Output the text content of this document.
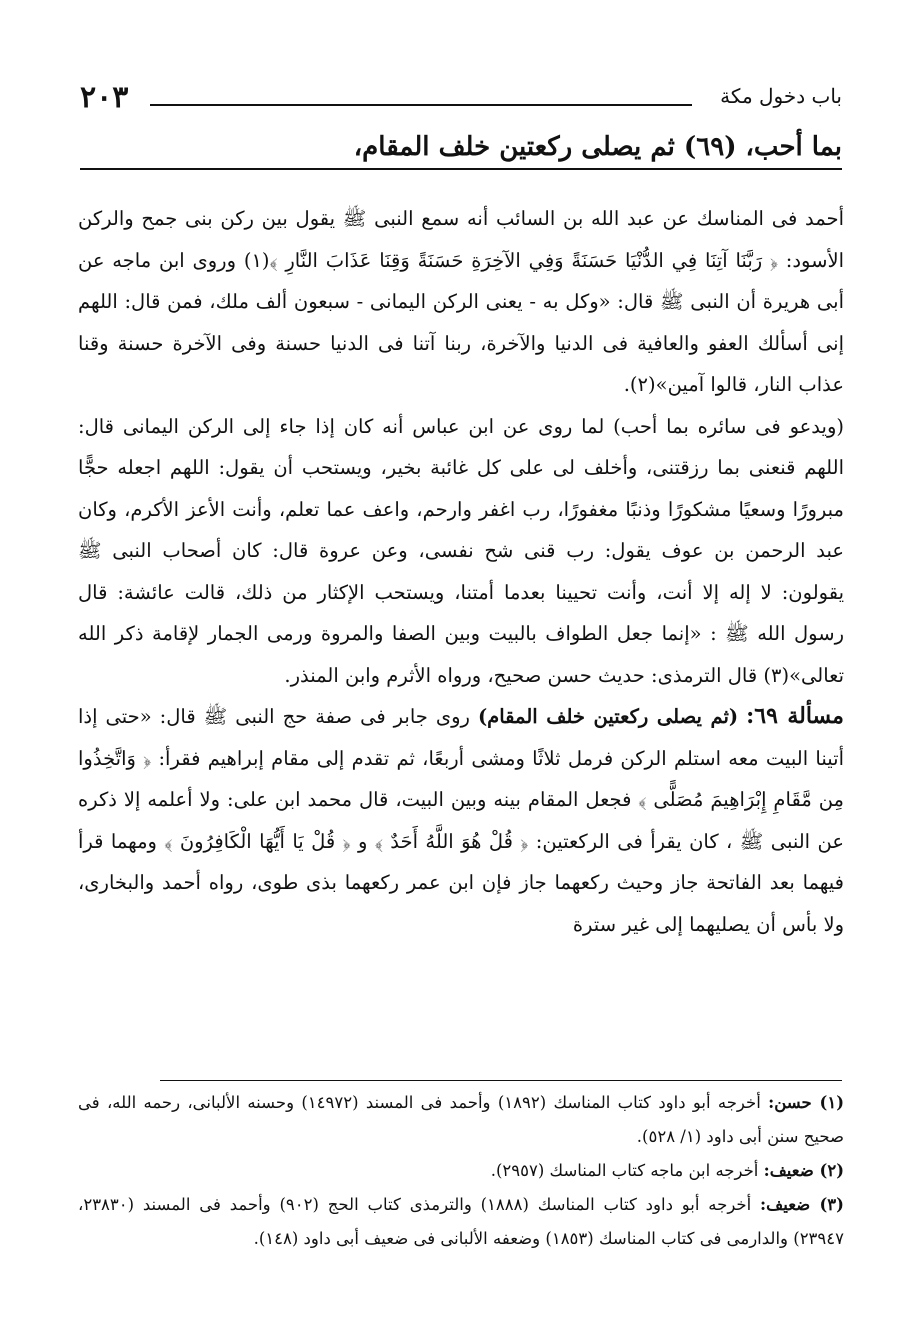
٢٠٣	باب دخول مكة
بما أحب، (٦٩) ثم يصلى ركعتين خلف المقام،

أحمد فى المناسك عن عبد الله بن السائب أنه سمع النبى ﷺ يقول بين ركن بنى جمح والركن الأسود: ﴿ رَبَّنَا آتِنَا فِي الدُّنْيَا حَسَنَةً وَفِي الآخِرَةِ حَسَنَةً وَقِنَا عَذَابَ النَّارِ ﴾(١) وروى ابن ماجه عن أبى هريرة أن النبى ﷺ قال: «وكل به - يعنى الركن اليمانى - سبعون ألف ملك، فمن قال: اللهم إنى أسألك العفو والعافية فى الدنيا والآخرة، ربنا آتنا فى الدنيا حسنة وفى الآخرة حسنة وقنا عذاب النار، قالوا آمين»(٢).

(ويدعو فى سائره بما أحب) لما روى عن ابن عباس أنه كان إذا جاء إلى الركن اليمانى قال: اللهم قنعنى بما رزقتنى، وأخلف لى على كل غائبة بخير، ويستحب أن يقول: اللهم اجعله حجًّا مبرورًا وسعيًا مشكورًا وذنبًا مغفورًا، رب اغفر وارحم، واعف عما تعلم، وأنت الأعز الأكرم، وكان عبد الرحمن بن عوف يقول: رب قنى شح نفسى، وعن عروة قال: كان أصحاب النبى ﷺ يقولون: لا إله إلا أنت، وأنت تحيينا بعدما أمتنا، ويستحب الإكثار من ذلك، قالت عائشة: قال رسول الله ﷺ : «إنما جعل الطواف بالبيت وبين الصفا والمروة ورمى الجمار لإقامة ذكر الله تعالى»(٣) قال الترمذى: حديث حسن صحيح، ورواه الأثرم وابن المنذر.

مسألة ٦٩: (ثم يصلى ركعتين خلف المقام) روى جابر فى صفة حج النبى ﷺ قال: «حتى إذا أتينا البيت معه استلم الركن فرمل ثلاثًا ومشى أربعًا، ثم تقدم إلى مقام إبراهيم فقرأ: ﴿ وَاتَّخِذُوا مِن مَّقَامِ إِبْرَاهِيمَ مُصَلًّى ﴾ فجعل المقام بينه وبين البيت، قال محمد ابن على: ولا أعلمه إلا ذكره عن النبى ﷺ ، كان يقرأ فى الركعتين: ﴿ قُلْ هُوَ اللَّهُ أَحَدٌ ﴾ و ﴿ قُلْ يَا أَيُّهَا الْكَافِرُونَ ﴾ ومهما قرأ فيهما بعد الفاتحة جاز وحيث ركعهما جاز فإن ابن عمر ركعهما بذى طوى، رواه أحمد والبخارى، ولا بأس أن يصليهما إلى غير سترة

(١) حسن: أخرجه أبو داود كتاب المناسك (١٨٩٢) وأحمد فى المسند (١٤٩٧٢) وحسنه الألبانى، رحمه الله، فى صحيح سنن أبى داود (١/ ٥٢٨).

(٢) ضعيف: أخرجه ابن ماجه كتاب المناسك (٢٩٥٧).

(٣) ضعيف: أخرجه أبو داود كتاب المناسك (١٨٨٨) والترمذى كتاب الحج (٩٠٢) وأحمد فى المسند (٢٣٨٣٠، ٢٣٩٤٧) والدارمى فى كتاب المناسك (١٨٥٣) وضعفه الألبانى فى ضعيف أبى داود (١٤٨).
